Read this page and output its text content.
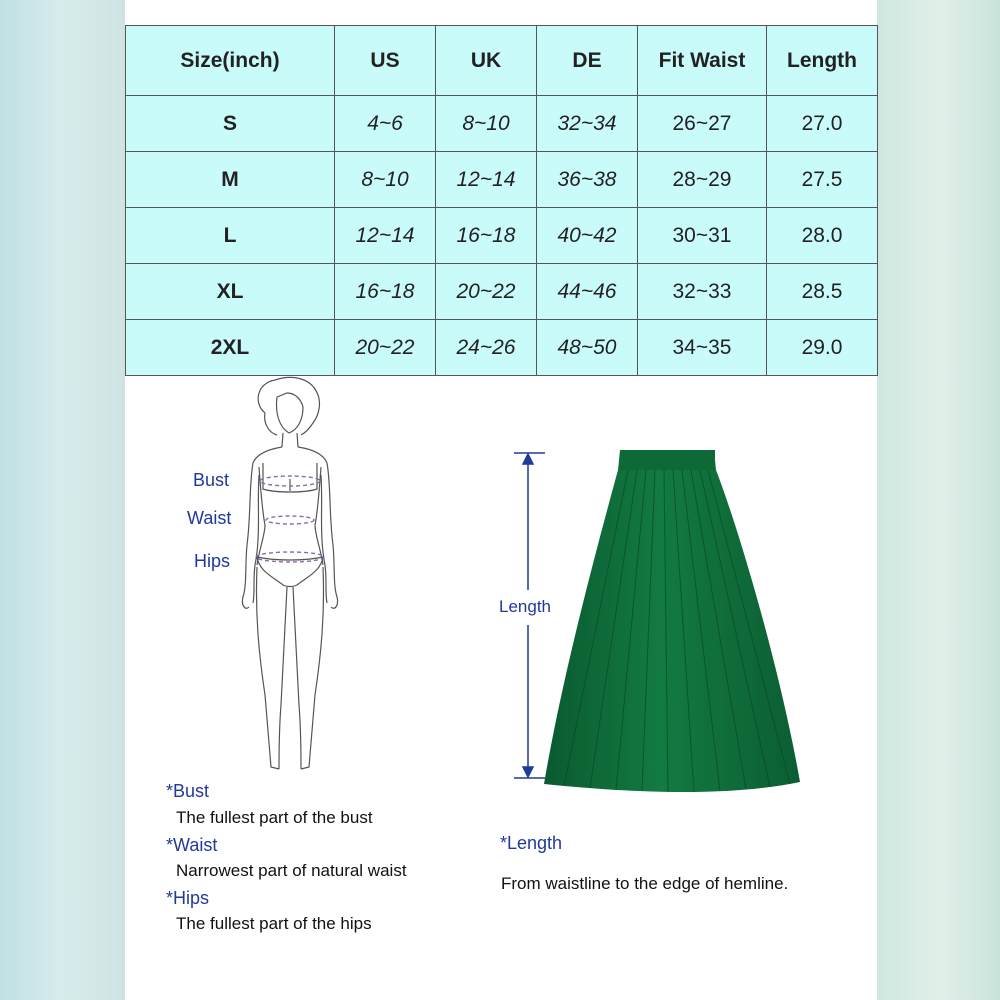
Size(inch)	US	UK	DE	Fit Waist	Length
S	4~6	8~10	32~34	26~27	27.0
M	8~10	12~14	36~38	28~29	27.5
L	12~14	16~18	40~42	30~31	28.0
XL	16~18	20~22	44~46	32~33	28.5
2XL	20~22	24~26	48~50	34~35	29.0
Bust
Waist
Hips
Length
*Bust
The fullest part of the bust
*Waist
Narrowest part of natural waist
*Hips
The fullest part of the hips
*Length
From waistline to the edge of hemline.
